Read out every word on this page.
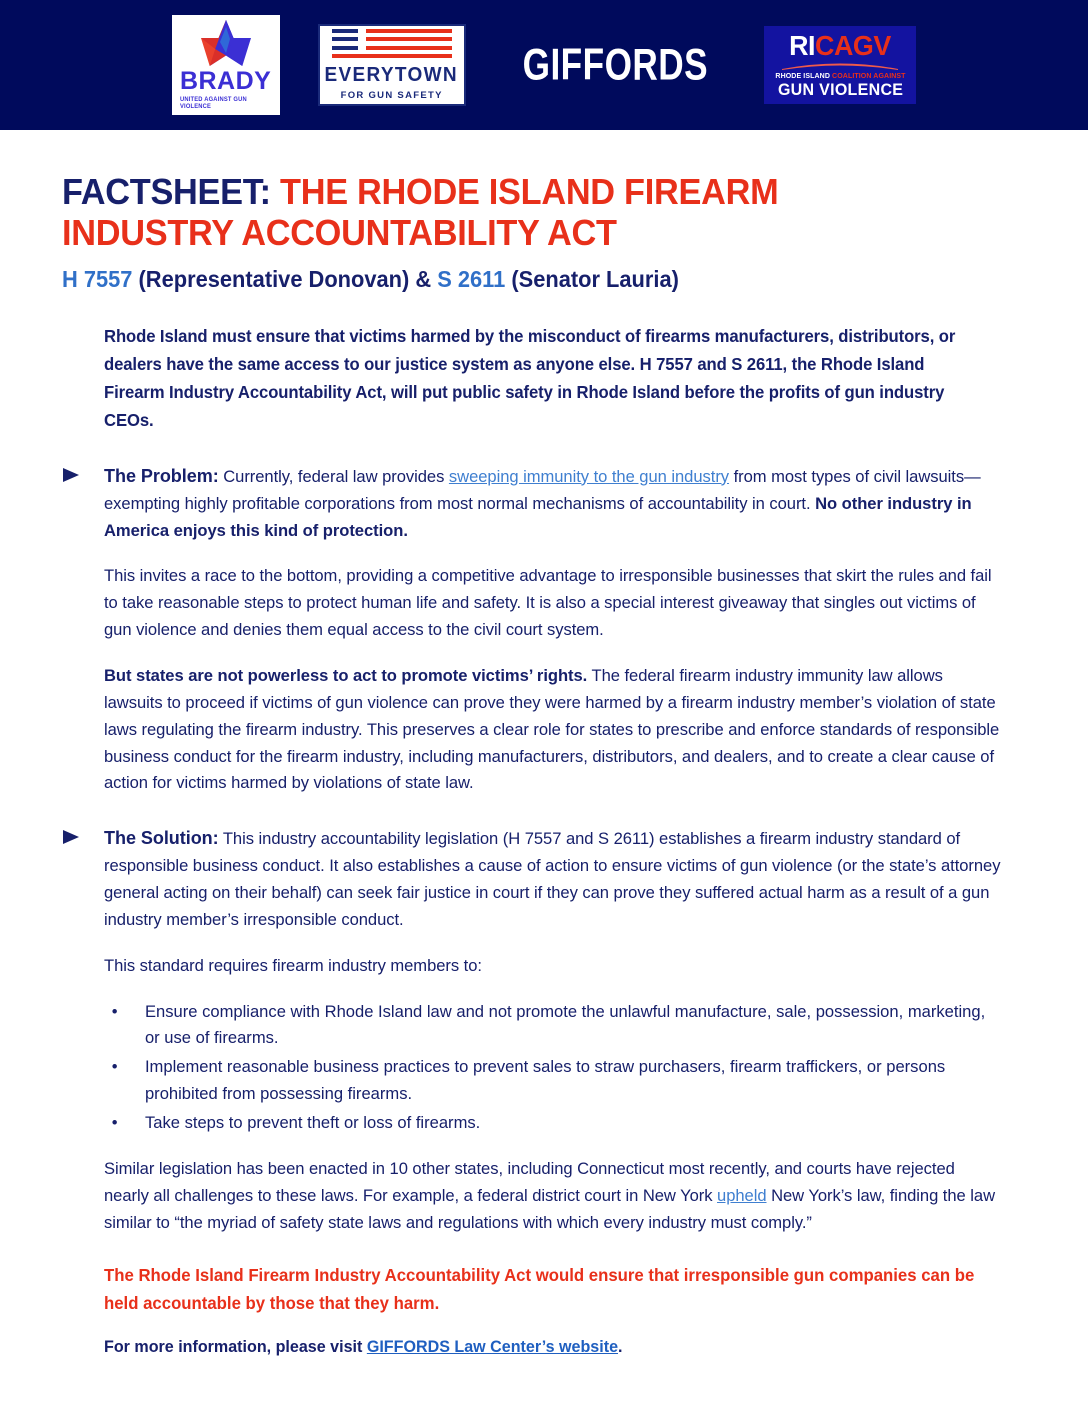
BRADY
UNITED AGAINST GUN VIOLENCE
EVERYTOWN
FOR GUN SAFETY
GIFFORDS	RICAGV
RHODE ISLAND COALITION AGAINST
GUN VIOLENCE
FACTSHEET: THE RHODE ISLAND FIREARM
INDUSTRY ACCOUNTABILITY ACT
H 7557 (Representative Donovan) & S 2611 (Senator Lauria)

Rhode Island must ensure that victims harmed by the misconduct of firearms manufacturers, distributors, or dealers have the same access to our justice system as anyone else. H 7557 and S 2611, the Rhode Island Firearm Industry Accountability Act, will put public safety in Rhode Island before the profits of gun industry CEOs.

The Problem: Currently, federal law provides sweeping immunity to the gun industry from most types of civil lawsuits—exempting highly profitable corporations from most normal mechanisms of accountability in court. No other industry in America enjoys this kind of protection.

This invites a race to the bottom, providing a competitive advantage to irresponsible businesses that skirt the rules and fail to take reasonable steps to protect human life and safety. It is also a special interest giveaway that singles out victims of gun violence and denies them equal access to the civil court system.

But states are not powerless to act to promote victims’ rights. The federal firearm industry immunity law allows lawsuits to proceed if victims of gun violence can prove they were harmed by a firearm industry member’s violation of state laws regulating the firearm industry. This preserves a clear role for states to prescribe and enforce standards of responsible business conduct for the firearm industry, including manufacturers, distributors, and dealers, and to create a clear cause of action for victims harmed by violations of state law.

The Solution: This industry accountability legislation (H 7557 and S 2611) establishes a firearm industry standard of responsible business conduct. It also establishes a cause of action to ensure victims of gun violence (or the state’s attorney general acting on their behalf) can seek fair justice in court if they can prove they suffered actual harm as a result of a gun industry member’s irresponsible conduct.

This standard requires firearm industry members to:

• Ensure compliance with Rhode Island law and not promote the unlawful manufacture, sale, possession, marketing, or use of firearms.
• Implement reasonable business practices to prevent sales to straw purchasers, firearm traffickers, or persons prohibited from possessing firearms.
• Take steps to prevent theft or loss of firearms.

Similar legislation has been enacted in 10 other states, including Connecticut most recently, and courts have rejected nearly all challenges to these laws. For example, a federal district court in New York upheld New York’s law, finding the law similar to “the myriad of safety state laws and regulations with which every industry must comply.”

The Rhode Island Firearm Industry Accountability Act would ensure that irresponsible gun companies can be held accountable by those that they harm.

For more information, please visit GIFFORDS Law Center’s website.
